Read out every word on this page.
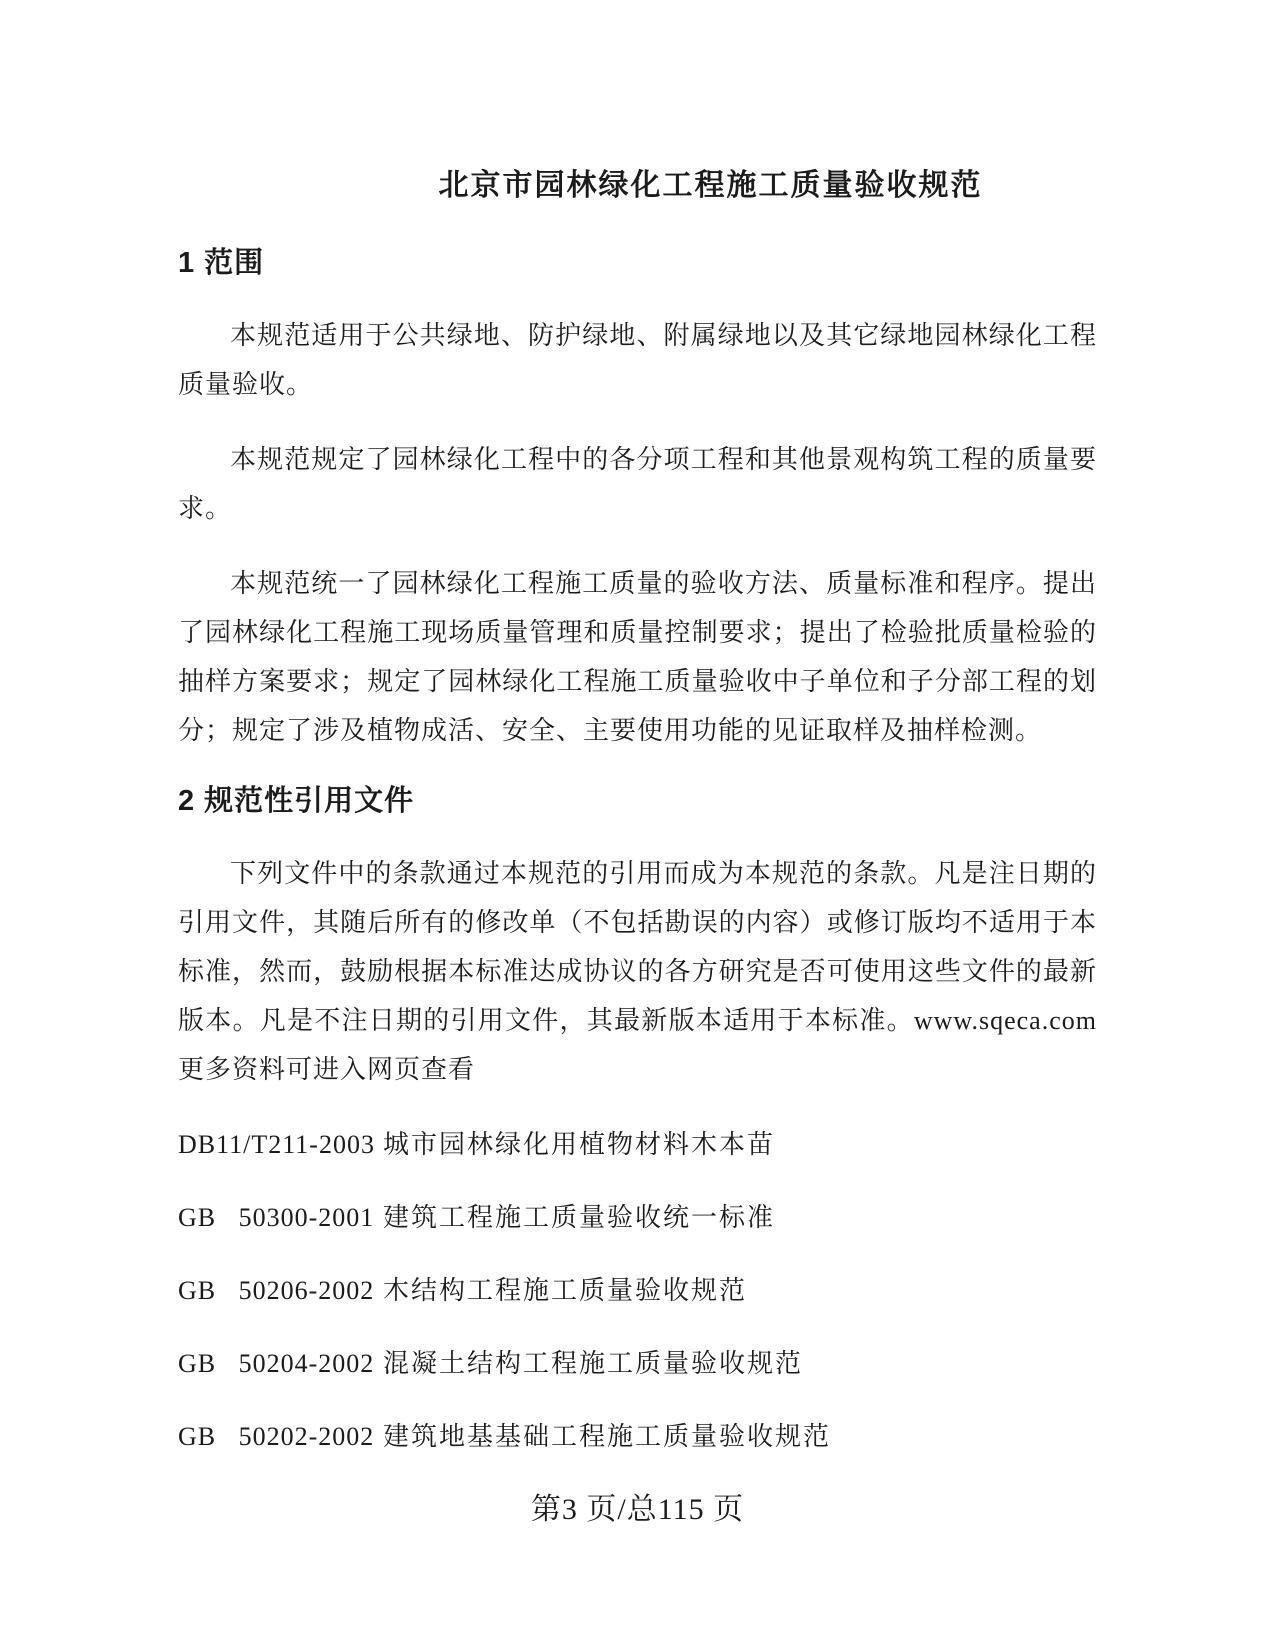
北京市园林绿化工程施工质量验收规范
1 范围

本规范适用于公共绿地、防护绿地、附属绿地以及其它绿地园林绿化工程质量验收。

本规范规定了园林绿化工程中的各分项工程和其他景观构筑工程的质量要求。

本规范统一了园林绿化工程施工质量的验收方法、质量标准和程序。提出了园林绿化工程施工现场质量管理和质量控制要求；提出了检验批质量检验的抽样方案要求；规定了园林绿化工程施工质量验收中子单位和子分部工程的划分；规定了涉及植物成活、安全、主要使用功能的见证取样及抽样检测。

2 规范性引用文件

下列文件中的条款通过本规范的引用而成为本规范的条款。凡是注日期的引用文件，其随后所有的修改单（不包括勘误的内容）或修订版均不适用于本标准，然而，鼓励根据本标准达成协议的各方研究是否可使用这些文件的最新版本。凡是不注日期的引用文件，其最新版本适用于本标准。www.sqeca.com 更多资料可进入网页查看

DB11/T211-2003 城市园林绿化用植物材料木本苗
GB   50300-2001 建筑工程施工质量验收统一标准
GB   50206-2002 木结构工程施工质量验收规范
GB   50204-2002 混凝土结构工程施工质量验收规范
GB   50202-2002 建筑地基基础工程施工质量验收规范
第3 页/总115 页
